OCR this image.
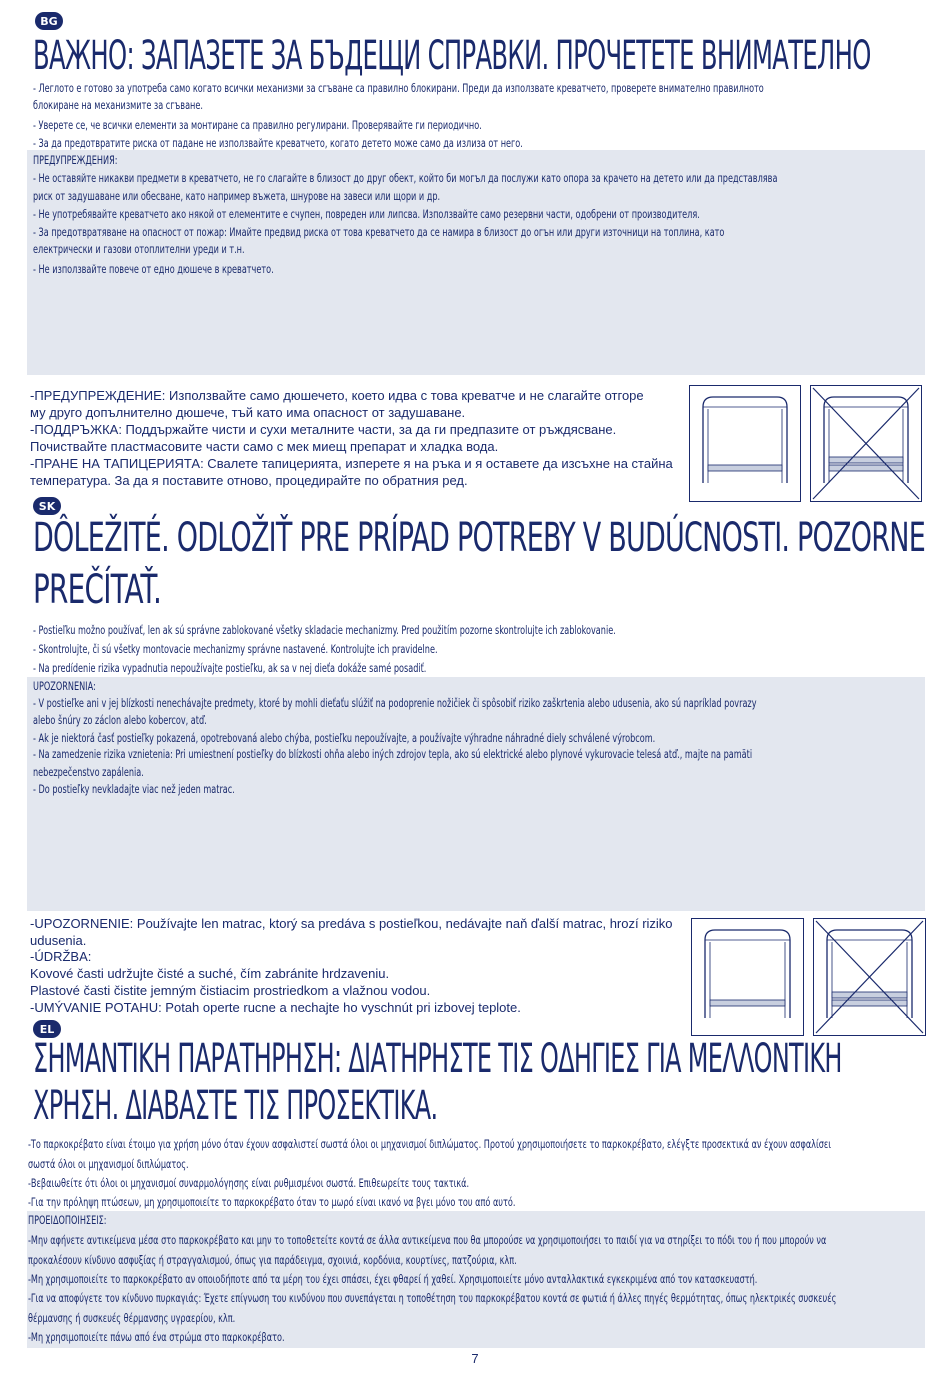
BG
ВАЖНО: ЗАПАЗЕТЕ ЗА БЪДЕЩИ СПРАВКИ. ПРОЧЕТЕТЕ ВНИМАТЕЛНО
- Леглото е готово за употреба само когато всички механизми за сгъване са правилно блокирани. Преди да използвате креватчето, проверете внимателно правилното
блокиране на механизмите за сгъване.
- Уверете се, че всички елементи за монтиране са правилно регулирани. Проверявайте ги периодично.
- За да предотвратите риска от падане не използвайте креватчето, когато детето може само да излиза от него.
ПРЕДУПРЕЖДЕНИЯ:
- Не оставяйте никакви предмети в креватчето, не го слагайте в близост до друг обект, който би могъл да послужи като опора за крачето на детето или да представлява
риск от задушаване или обесване, като например въжета, шнурове на завеси или щори и др.
- Не употребявайте креватчето ако някой от елементите е счупен, повреден или липсва. Използвайте само резервни части, одобрени от производителя.
- За предотвратяване на опасност от пожар: Имайте предвид риска от това креватчето да се намира в близост до огън или други източници на топлина, като
електрически и газови отоплителни уреди и т.н.
- Не използвайте повече от едно дюшече в креватчето.
-ПРЕДУПРЕЖДЕНИЕ: Използвайте само дюшечето, което идва с това креватче и не слагайте отгоре
му друго допълнително дюшече, тъй като има опасност от задушаване.
-ПОДДРЪЖКА: Поддържайте чисти и сухи металните части, за да ги предпазите от ръждясване.
Почиствайте пластмасовите части само с мек миещ препарат и хладка вода.
-ПРАНЕ НА ТАПИЦЕРИЯТА: Свалете тапицерията, изперете я на ръка и я оставете да изсъхне на стайна
температура. За да я поставите отново, процедирайте по обратния ред.
SK
DÔLEŽITÉ. ODLOŽIŤ PRE PRÍPAD POTREBY V BUDÚCNOSTI. POZORNE
PREČÍTAŤ.
- Postieľku možno používať, len ak sú správne zablokované všetky skladacie mechanizmy. Pred použitím pozorne skontrolujte ich zablokovanie.
- Skontrolujte, či sú všetky montovacie mechanizmy správne nastavené. Kontrolujte ich pravidelne.
- Na predídenie rizika vypadnutia nepoužívajte postieľku, ak sa v nej dieťa dokáže samé posadiť.
UPOZORNENIA:
- V postieľke ani v jej blízkosti nenechávajte predmety, ktoré by mohli dieťaťu slúžiť na podoprenie nožičiek či spôsobiť riziko zaškrtenia alebo udusenia, ako sú napríklad povrazy
alebo šnúry zo záclon alebo kobercov, atď.
- Ak je niektorá časť postieľky pokazená, opotrebovaná alebo chýba, postieľku nepoužívajte, a používajte výhradne náhradné diely schválené výrobcom.
- Na zamedzenie rizika vznietenia: Pri umiestnení postieľky do blízkosti ohňa alebo iných zdrojov tepla, ako sú elektrické alebo plynové vykurovacie telesá atď., majte na pamäti
nebezpečenstvo zapálenia.
- Do postieľky nevkladajte viac než jeden matrac.
-UPOZORNENIE: Používajte len matrac, ktorý sa predáva s postieľkou, nedávajte naň ďalší matrac, hrozí riziko
udusenia.
-ÚDRŽBA:
Kovové časti udržujte čisté a suché, čím zabránite hrdzaveniu.
Plastové časti čistite jemným čistiacim prostriedkom a vlažnou vodou.
-UMÝVANIE POTAHU: Potah operte rucne a nechajte ho vyschnút pri izbovej teplote.
EL
ΣΗΜΑΝΤΙΚΗ ΠΑΡΑΤΗΡΗΣΗ: ΔΙΑΤΗΡΗΣΤΕ ΤΙΣ ΟΔΗΓΙΕΣ ΓΙΑ ΜΕΛΛΟΝΤΙΚΗ
ΧΡΗΣΗ. ΔΙΑΒΑΣΤΕ ΤΙΣ ΠΡΟΣΕΚΤΙΚΑ.
-Το παρκοκρέβατο είναι έτοιμο για χρήση μόνο όταν έχουν ασφαλιστεί σωστά όλοι οι μηχανισμοί διπλώματος. Προτού χρησιμοποιήσετε το παρκοκρέβατο, ελέγξτε προσεκτικά αν έχουν ασφαλίσει
σωστά όλοι οι μηχανισμοί διπλώματος.
-Βεβαιωθείτε ότι όλοι οι μηχανισμοί συναρμολόγησης είναι ρυθμισμένοι σωστά. Επιθεωρείτε τους τακτικά.
-Για την πρόληψη πτώσεων, μη χρησιμοποιείτε το παρκοκρέβατο όταν το μωρό είναι ικανό να βγει μόνο του από αυτό.
ΠΡΟΕΙΔΟΠΟΙΗΣΕΙΣ:
-Μην αφήνετε αντικείμενα μέσα στο παρκοκρέβατο και μην το τοποθετείτε κοντά σε άλλα αντικείμενα που θα μπορούσε να χρησιμοποιήσει το παιδί για να στηρίξει το πόδι του ή που μπορούν να
προκαλέσουν κίνδυνο ασφυξίας ή στραγγαλισμού, όπως για παράδειγμα, σχοινιά, κορδόνια, κουρτίνες, πατζούρια, κλπ.
-Μη χρησιμοποιείτε το παρκοκρέβατο αν οποιοδήποτε από τα μέρη του έχει σπάσει, έχει φθαρεί ή χαθεί. Χρησιμοποιείτε μόνο ανταλλακτικά εγκεκριμένα από τον κατασκευαστή.
-Για να αποφύγετε τον κίνδυνο πυρκαγιάς: Έχετε επίγνωση του κινδύνου που συνεπάγεται η τοποθέτηση του παρκοκρέβατου κοντά σε φωτιά ή άλλες πηγές θερμότητας, όπως ηλεκτρικές συσκευές
θέρμανσης ή συσκευές θέρμανσης υγραερίου, κλπ.
-Μη χρησιμοποιείτε πάνω από ένα στρώμα στο παρκοκρέβατο.
7
